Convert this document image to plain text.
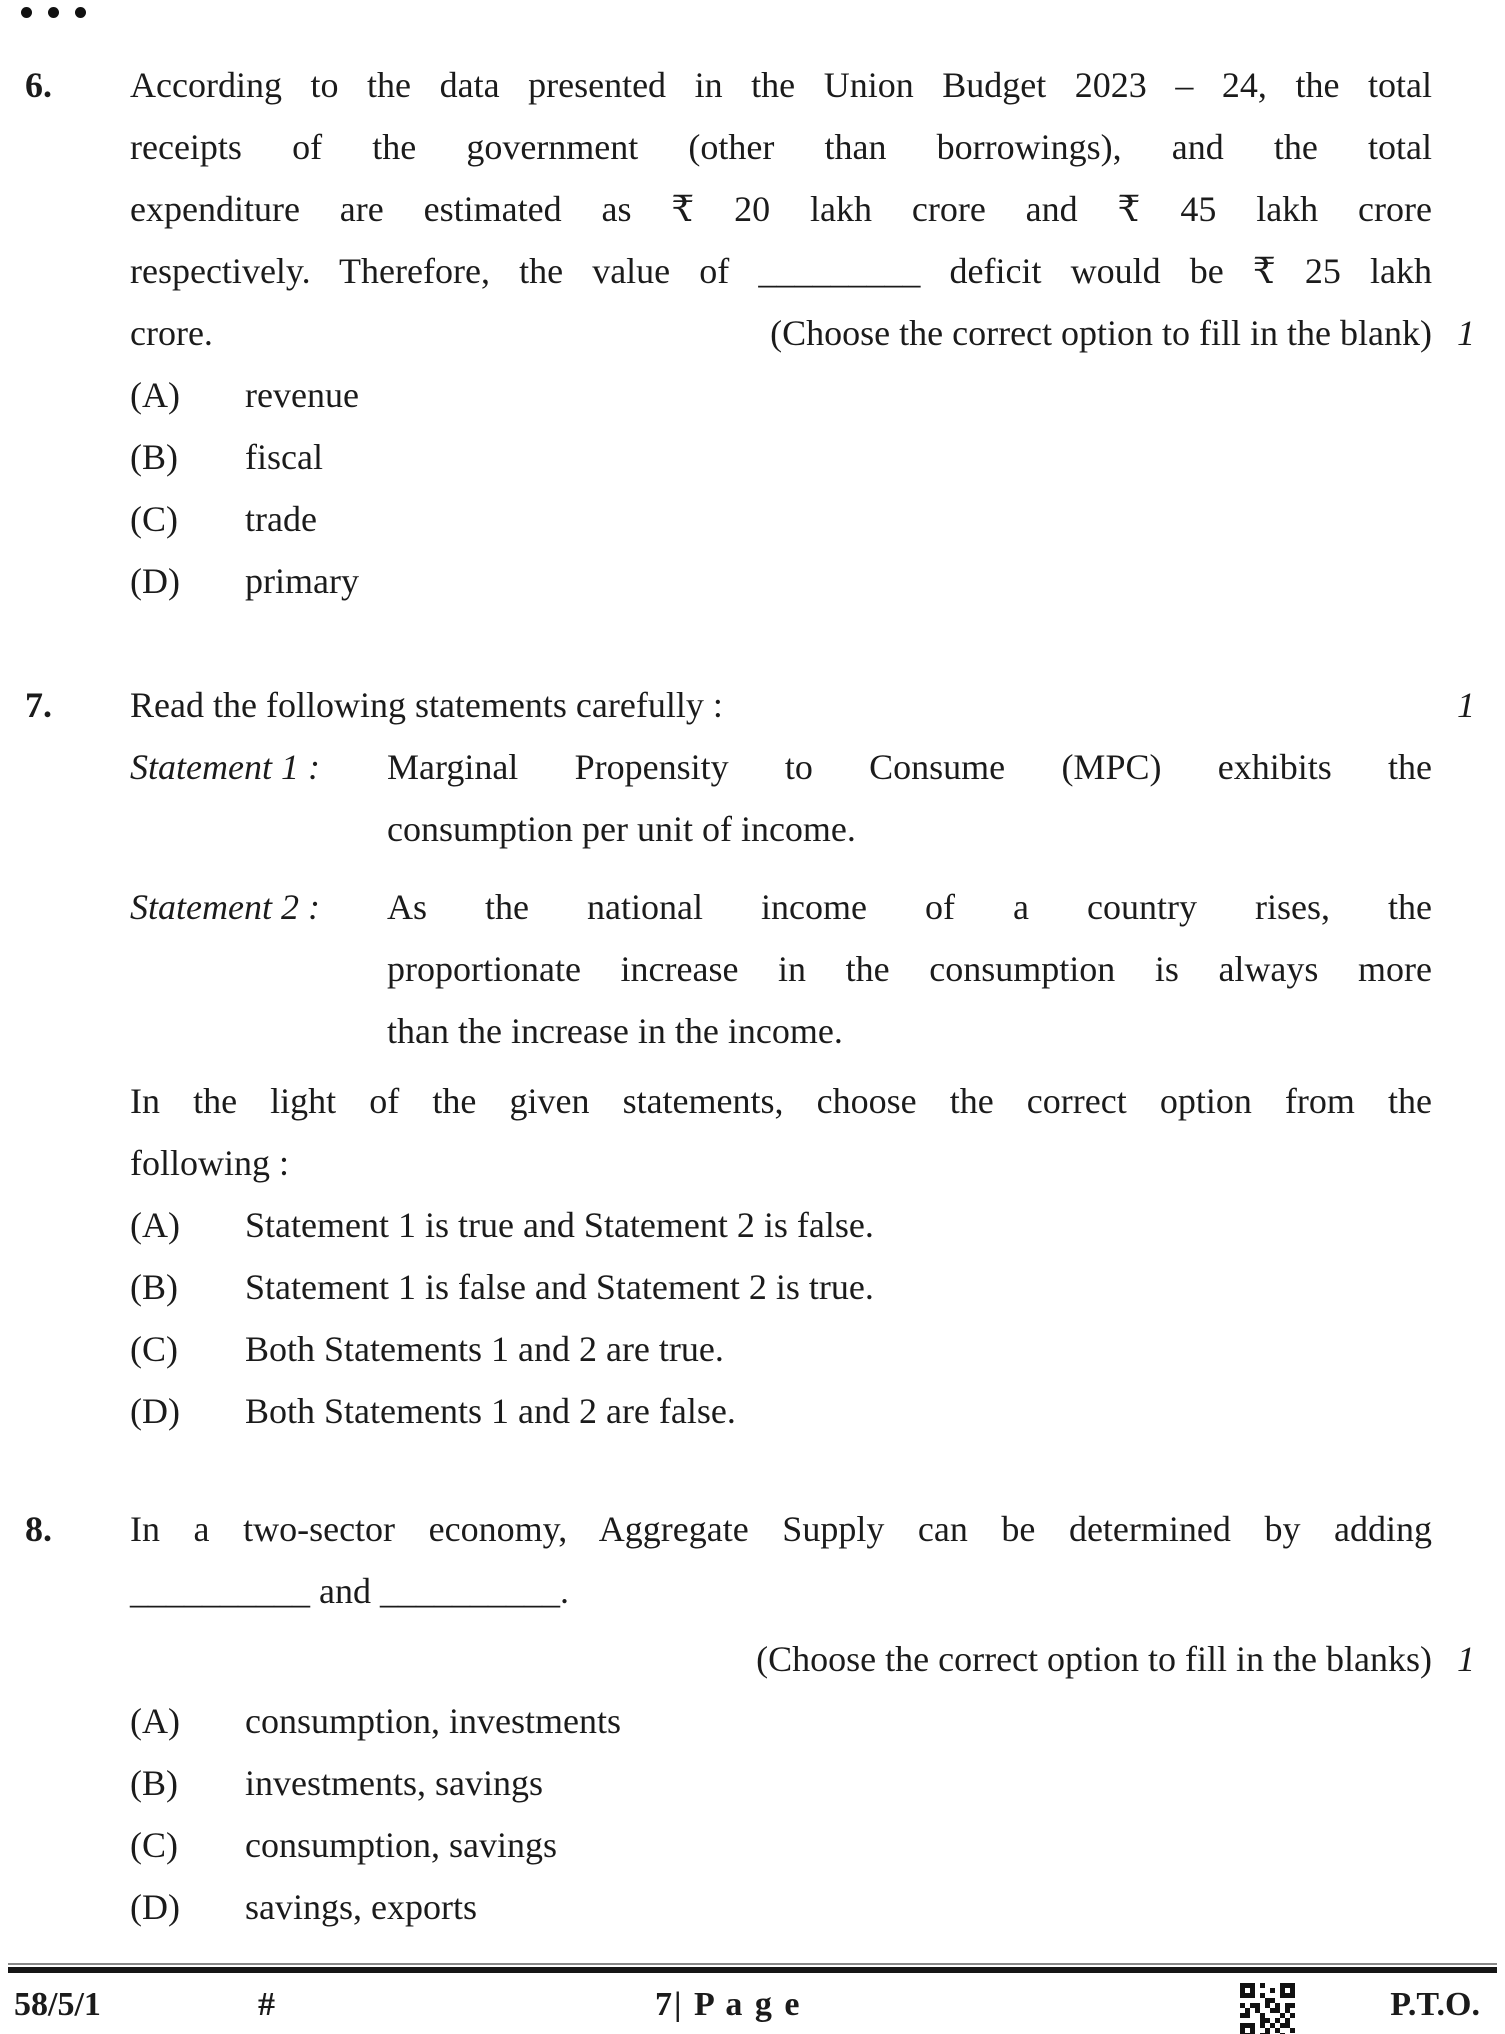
6.
1
According to the data presented in the Union Budget 2023 – 24, the total
receipts of the government (other than borrowings), and the total
expenditure are estimated as ₹ 20 lakh crore and ₹ 45 lakh crore
respectively. Therefore, the value of _________ deficit would be ₹ 25 lakh
crore.	(Choose the correct option to fill in the blank)
(A)	revenue
(B)	fiscal
(C)	trade
(D)	primary
7.	1
Read the following statements carefully :
Statement 1 :	Marginal Propensity to Consume (MPC) exhibits the
consumption per unit of income.
Statement 2 :	As the national income of a country rises, the
proportionate increase in the consumption is always more
than the increase in the income.
In the light of the given statements, choose the correct option from the
following :
(A)	Statement 1 is true and Statement 2 is false.
(B)	Statement 1 is false and Statement 2 is true.
(C)	Both Statements 1 and 2 are true.
(D)	Both Statements 1 and 2 are false.
8.
1
In a two-sector economy, Aggregate Supply can be determined by adding
__________ and __________.
(Choose the correct option to fill in the blanks)
(A)	consumption, investments
(B)	investments, savings
(C)	consumption, savings
(D)	savings, exports
58/5/1	#	7| P a g e	P.T.O.
